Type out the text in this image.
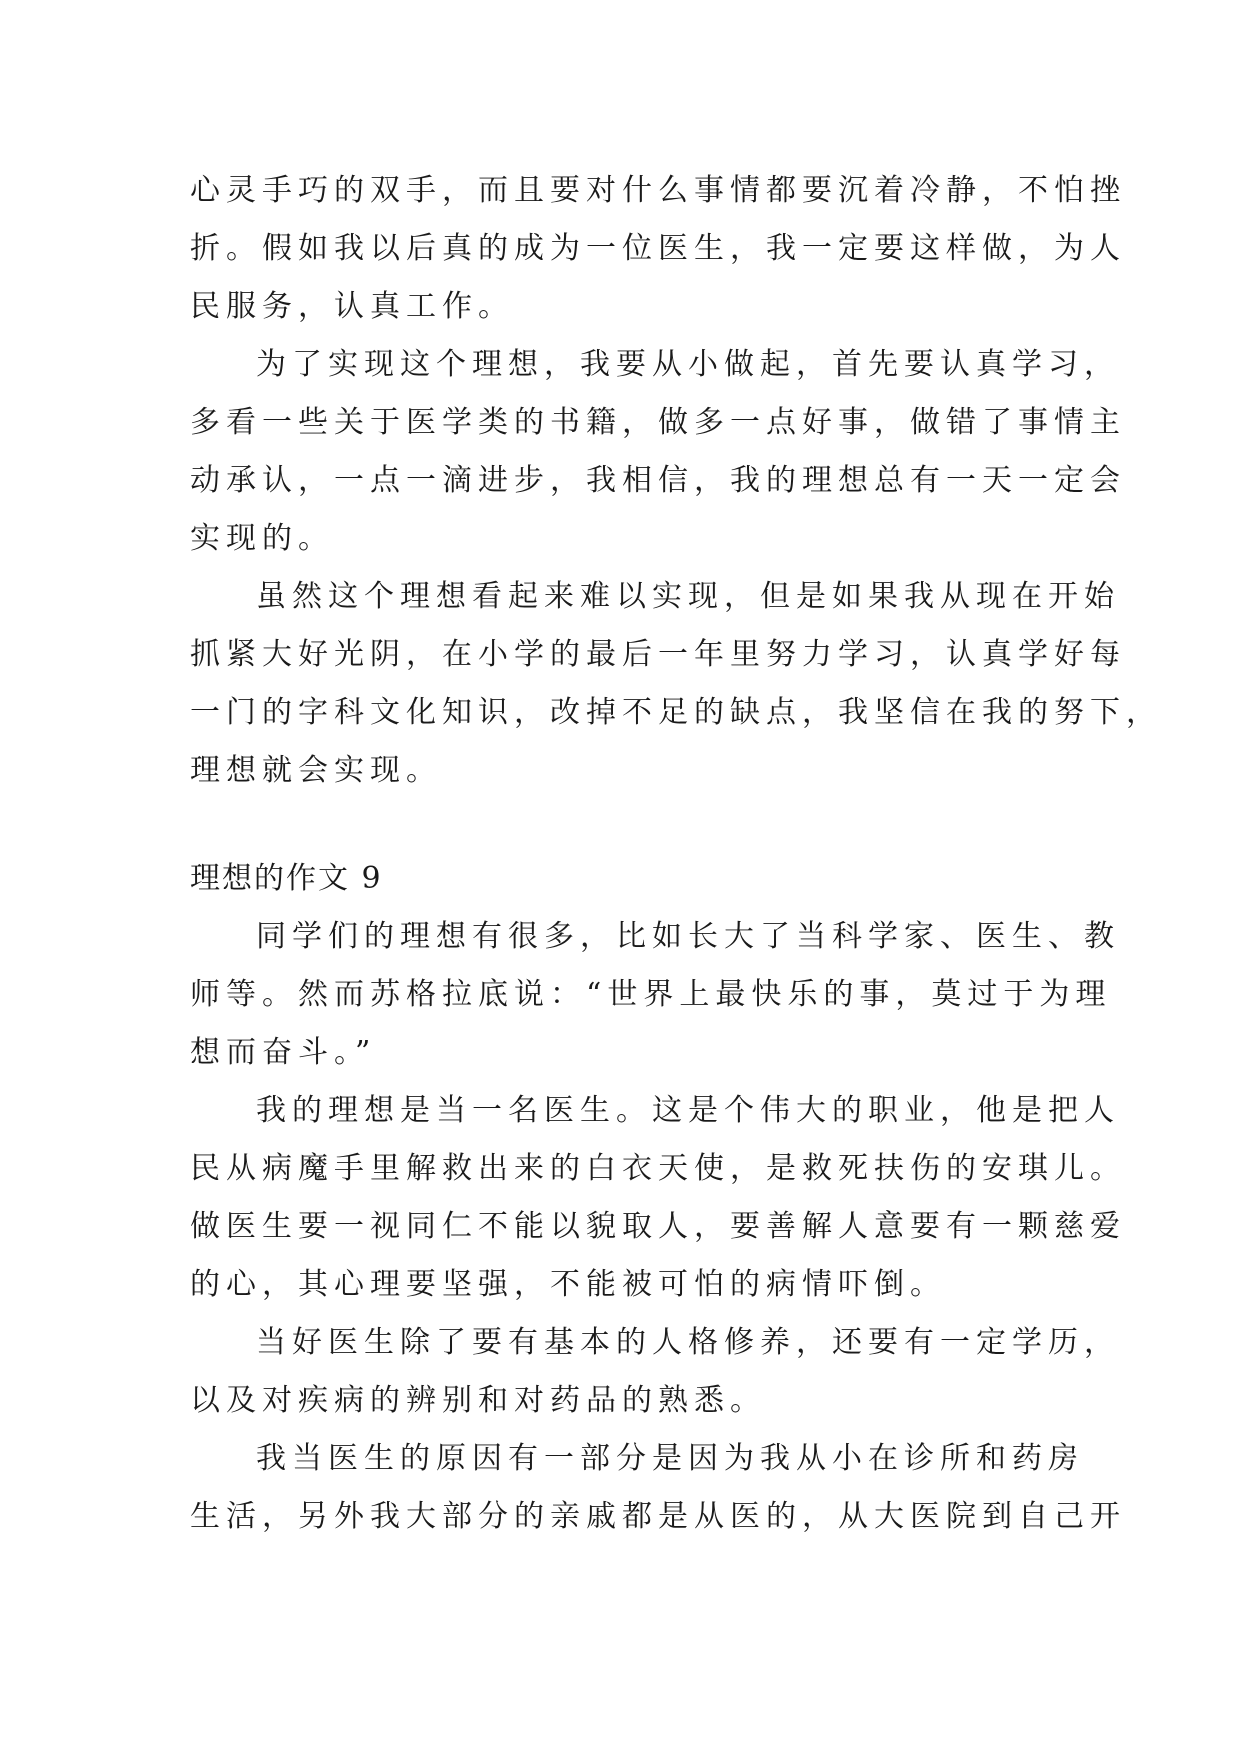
心灵手巧的双手，而且要对什么事情都要沉着冷静，不怕挫
折。假如我以后真的成为一位医生，我一定要这样做，为人
民服务，认真工作。
为了实现这个理想，我要从小做起，首先要认真学习，
多看一些关于医学类的书籍，做多一点好事，做错了事情主
动承认，一点一滴进步，我相信，我的理想总有一天一定会
实现的。
虽然这个理想看起来难以实现，但是如果我从现在开始
抓紧大好光阴，在小学的最后一年里努力学习，认真学好每
一门的字科文化知识，改掉不足的缺点，我坚信在我的努下，
理想就会实现。
理想的作文 9
同学们的理想有很多，比如长大了当科学家、医生、教
师等。然而苏格拉底说：“世界上最快乐的事，莫过于为理
想而奋斗。”
我的理想是当一名医生。这是个伟大的职业，他是把人
民从病魔手里解救出来的白衣天使，是救死扶伤的安琪儿。
做医生要一视同仁不能以貌取人，要善解人意要有一颗慈爱
的心，其心理要坚强，不能被可怕的病情吓倒。
当好医生除了要有基本的人格修养，还要有一定学历，
以及对疾病的辨别和对药品的熟悉。
我当医生的原因有一部分是因为我从小在诊所和药房
生活，另外我大部分的亲戚都是从医的，从大医院到自己开
